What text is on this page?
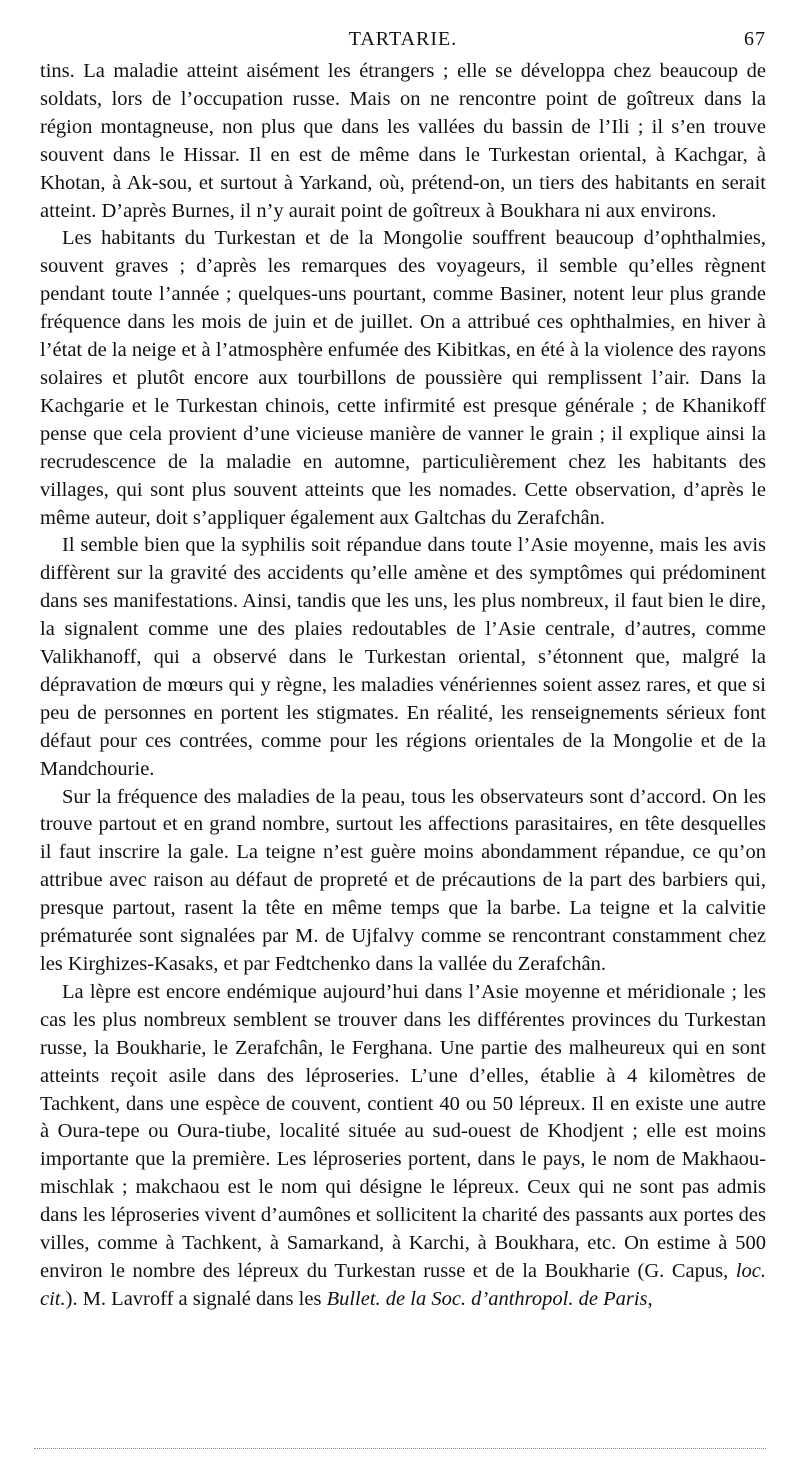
TARTARIE.	67

tins. La maladie atteint aisément les étrangers ; elle se développa chez beaucoup de soldats, lors de l’occupation russe. Mais on ne rencontre point de goîtreux dans la région montagneuse, non plus que dans les vallées du bassin de l’Ili ; il s’en trouve souvent dans le Hissar. Il en est de même dans le Turkestan oriental, à Kachgar, à Khotan, à Ak-sou, et surtout à Yarkand, où, prétend-on, un tiers des habitants en serait atteint. D’après Burnes, il n’y aurait point de goîtreux à Boukhara ni aux environs.

Les habitants du Turkestan et de la Mongolie souffrent beaucoup d’ophthalmies, souvent graves ; d’après les remarques des voyageurs, il semble qu’elles règnent pendant toute l’année ; quelques-uns pourtant, comme Basiner, notent leur plus grande fréquence dans les mois de juin et de juillet. On a attribué ces ophthalmies, en hiver à l’état de la neige et à l’atmosphère enfumée des Kibitkas, en été à la violence des rayons solaires et plutôt encore aux tourbillons de poussière qui remplissent l’air. Dans la Kachgarie et le Turkestan chinois, cette infirmité est presque générale ; de Khanikoff pense que cela provient d’une vicieuse manière de vanner le grain ; il explique ainsi la recrudescence de la maladie en automne, particulièrement chez les habitants des villages, qui sont plus souvent atteints que les nomades. Cette observation, d’après le même auteur, doit s’appliquer également aux Galtchas du Zerafchân.

Il semble bien que la syphilis soit répandue dans toute l’Asie moyenne, mais les avis diffèrent sur la gravité des accidents qu’elle amène et des symptômes qui prédominent dans ses manifestations. Ainsi, tandis que les uns, les plus nombreux, il faut bien le dire, la signalent comme une des plaies redoutables de l’Asie centrale, d’autres, comme Valikhanoff, qui a observé dans le Turkestan oriental, s’étonnent que, malgré la dépravation de mœurs qui y règne, les maladies vénériennes soient assez rares, et que si peu de personnes en portent les stigmates. En réalité, les renseignements sérieux font défaut pour ces contrées, comme pour les régions orientales de la Mongolie et de la Mandchourie.

Sur la fréquence des maladies de la peau, tous les observateurs sont d’accord. On les trouve partout et en grand nombre, surtout les affections parasitaires, en tête desquelles il faut inscrire la gale. La teigne n’est guère moins abondamment répandue, ce qu’on attribue avec raison au défaut de propreté et de précautions de la part des barbiers qui, presque partout, rasent la tête en même temps que la barbe. La teigne et la calvitie prématurée sont signalées par M. de Ujfalvy comme se rencontrant constamment chez les Kirghizes-Kasaks, et par Fedtchenko dans la vallée du Zerafchân.

La lèpre est encore endémique aujourd’hui dans l’Asie moyenne et méridionale ; les cas les plus nombreux semblent se trouver dans les différentes provinces du Turkestan russe, la Boukharie, le Zerafchân, le Ferghana. Une partie des malheureux qui en sont atteints reçoit asile dans des léproseries. L’une d’elles, établie à 4 kilomètres de Tachkent, dans une espèce de couvent, contient 40 ou 50 lépreux. Il en existe une autre à Oura-tepe ou Oura-tiube, localité située au sud-ouest de Khodjent ; elle est moins importante que la première. Les léproseries portent, dans le pays, le nom de Makhaou-mischlak ; makchaou est le nom qui désigne le lépreux. Ceux qui ne sont pas admis dans les léproseries vivent d’aumônes et sollicitent la charité des passants aux portes des villes, comme à Tachkent, à Samarkand, à Karchi, à Boukhara, etc. On estime à 500 environ le nombre des lépreux du Turkestan russe et de la Boukharie (G. Capus, loc. cit.). M. Lavroff a signalé dans les Bullet. de la Soc. d’anthropol. de Paris,
